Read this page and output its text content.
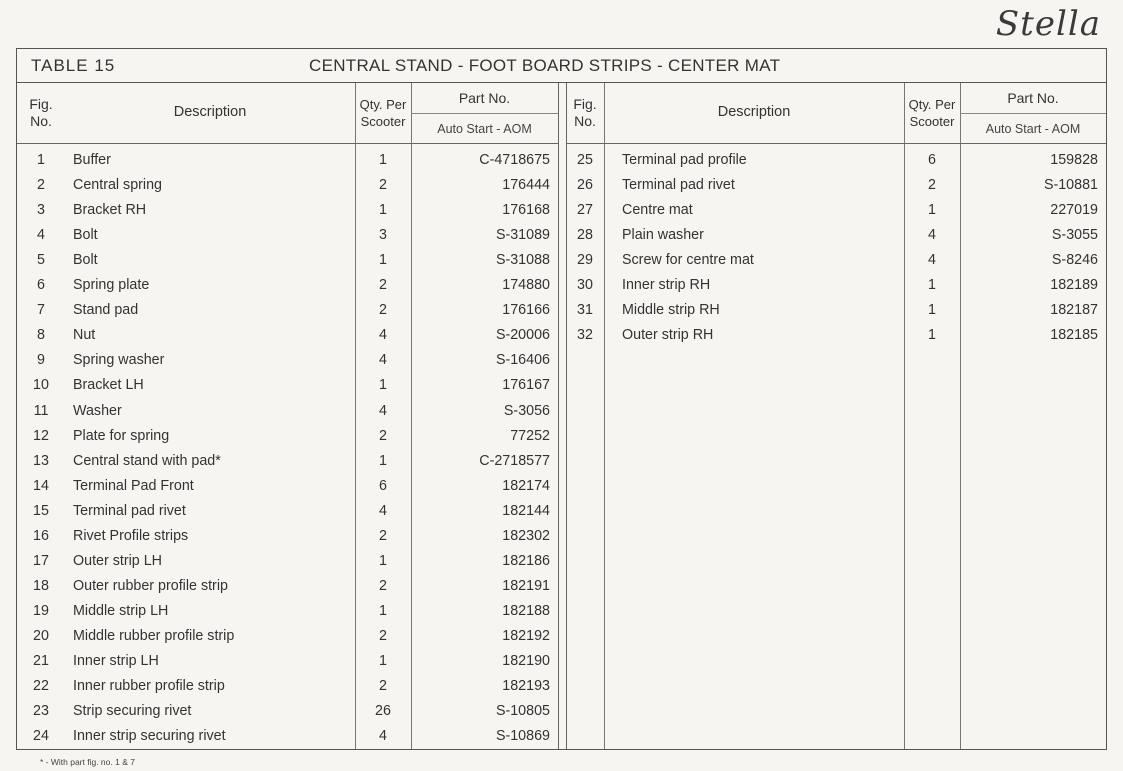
Stella
TABLE 15	CENTRAL STAND - FOOT BOARD STRIPS - CENTER MAT
Fig.
No.
Description	Qty. Per
Scooter
Part No.
Auto Start - AOM
1	Buffer	1	C-4718675
2	Central spring	2	176444
3	Bracket RH	1	176168
4	Bolt	3	S-31089
5	Bolt	1	S-31088
6	Spring plate	2	174880
7	Stand pad	2	176166
8	Nut	4	S-20006
9	Spring washer	4	S-16406
10	Bracket LH	1	176167
11	Washer	4	S-3056
12	Plate for spring	2	77252
13	Central stand with pad*	1	C-2718577
14	Terminal Pad Front	6	182174
15	Terminal pad rivet	4	182144
16	Rivet Profile strips	2	182302
17	Outer strip LH	1	182186
18	Outer rubber profile strip	2	182191
19	Middle strip LH	1	182188
20	Middle rubber profile strip	2	182192
21	Inner strip LH	1	182190
22	Inner rubber profile strip	2	182193
23	Strip securing rivet	26	S-10805
24	Inner strip securing rivet	4	S-10869
Fig.
No.
Description	Qty. Per
Scooter
Part No.
Auto Start - AOM
25	Terminal pad profile	6	159828
26	Terminal pad rivet	2	S-10881
27	Centre mat	1	227019
28	Plain washer	4	S-3055
29	Screw for centre mat	4	S-8246
30	Inner strip RH	1	182189
31	Middle strip RH	1	182187
32	Outer strip RH	1	182185
* - With part fig. no. 1 & 7
